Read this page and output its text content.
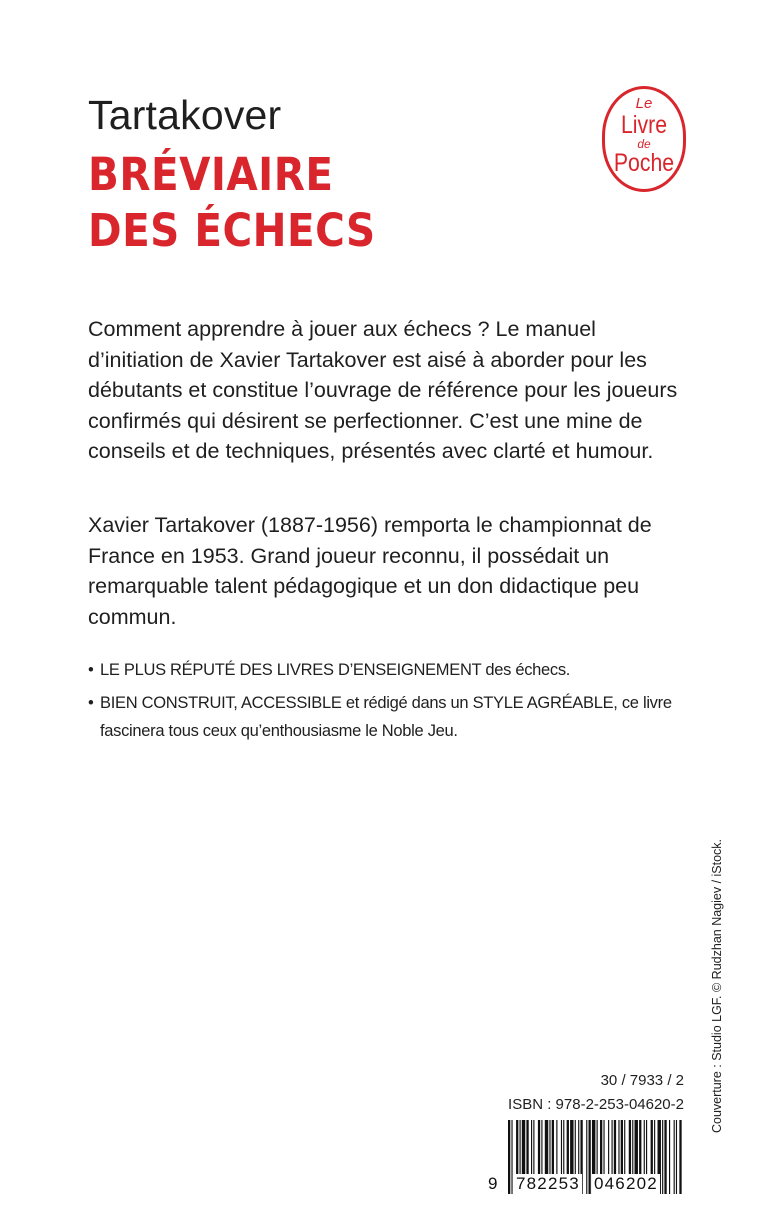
Tartakover
BRÉVIAIRE
DES ÉCHECS
Le
Livre
de
Poche

Comment apprendre à jouer aux échecs ? Le manuel d’initiation de Xavier Tartakover est aisé à aborder pour les débutants et constitue l’ouvrage de référence pour les joueurs confirmés qui désirent se perfectionner. C’est une mine de conseils et de techniques, présentés avec clarté et humour.

Xavier Tartakover (1887-1956) remporta le championnat de France en 1953. Grand joueur reconnu, il possédait un remarquable talent pédagogique et un don didactique peu commun.

• LE PLUS RÉPUTÉ DES LIVRES D’ENSEIGNEMENT des échecs.
• BIEN CONSTRUIT, ACCESSIBLE et rédigé dans un STYLE AGRÉABLE, ce livre fascinera tous ceux qu’enthousiasme le Noble Jeu.
Couverture : Studio LGF. © Rudzhan Nagiev / iStock.
30 / 7933 / 2
ISBN : 978-2-253-04620-2
9 782253 046202
